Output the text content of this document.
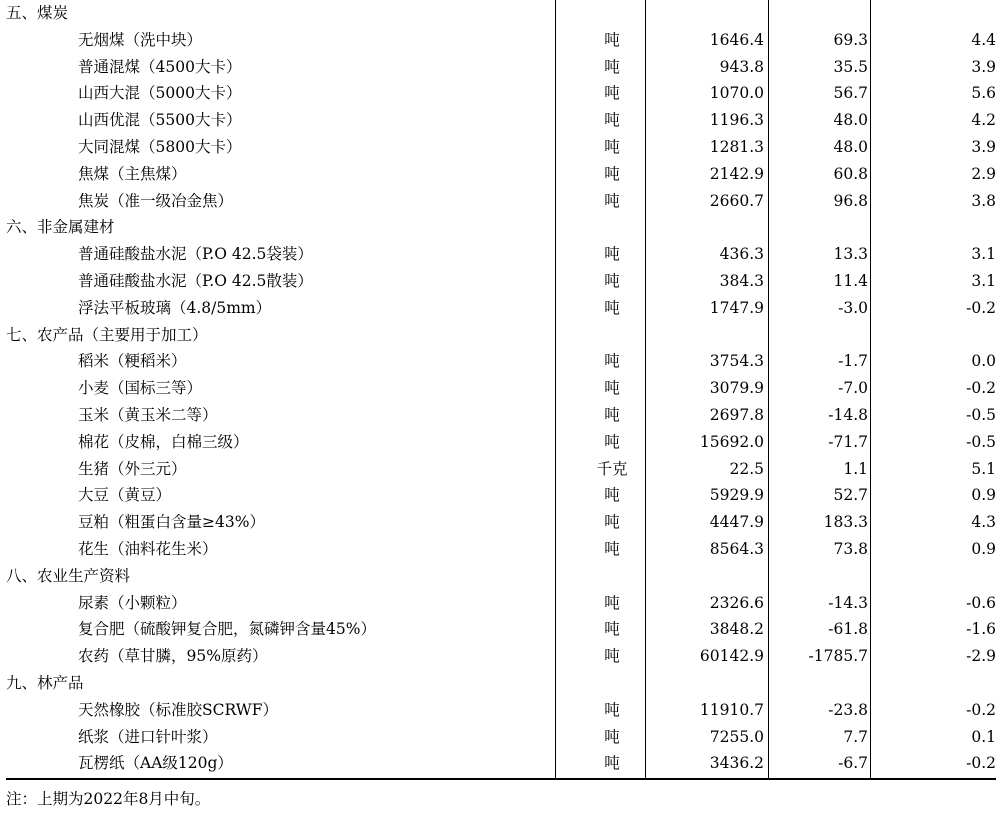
五、煤炭
无烟煤（洗中块）	吨	1646.4	69.3	4.4
普通混煤（4500大卡）	吨	943.8	35.5	3.9
山西大混（5000大卡）	吨	1070.0	56.7	5.6
山西优混（5500大卡）	吨	1196.3	48.0	4.2
大同混煤（5800大卡）	吨	1281.3	48.0	3.9
焦煤（主焦煤）	吨	2142.9	60.8	2.9
焦炭（准一级冶金焦）	吨	2660.7	96.8	3.8
六、非金属建材
普通硅酸盐水泥（P.O 42.5袋装）	吨	436.3	13.3	3.1
普通硅酸盐水泥（P.O 42.5散装）	吨	384.3	11.4	3.1
浮法平板玻璃（4.8/5mm）	吨	1747.9	-3.0	-0.2
七、农产品（主要用于加工）
稻米（粳稻米）	吨	3754.3	-1.7	0.0
小麦（国标三等）	吨	3079.9	-7.0	-0.2
玉米（黄玉米二等）	吨	2697.8	-14.8	-0.5
棉花（皮棉，白棉三级）	吨	15692.0	-71.7	-0.5
生猪（外三元）	千克	22.5	1.1	5.1
大豆（黄豆）	吨	5929.9	52.7	0.9
豆粕（粗蛋白含量≥43%）	吨	4447.9	183.3	4.3
花生（油料花生米）	吨	8564.3	73.8	0.9
八、农业生产资料
尿素（小颗粒）	吨	2326.6	-14.3	-0.6
复合肥（硫酸钾复合肥，氮磷钾含量45%）	吨	3848.2	-61.8	-1.6
农药（草甘膦，95%原药）	吨	60142.9	-1785.7	-2.9
九、林产品
天然橡胶（标准胶SCRWF）	吨	11910.7	-23.8	-0.2
纸浆（进口针叶浆）	吨	7255.0	7.7	0.1
瓦楞纸（AA级120g）	吨	3436.2	-6.7	-0.2
注：上期为2022年8月中旬。
